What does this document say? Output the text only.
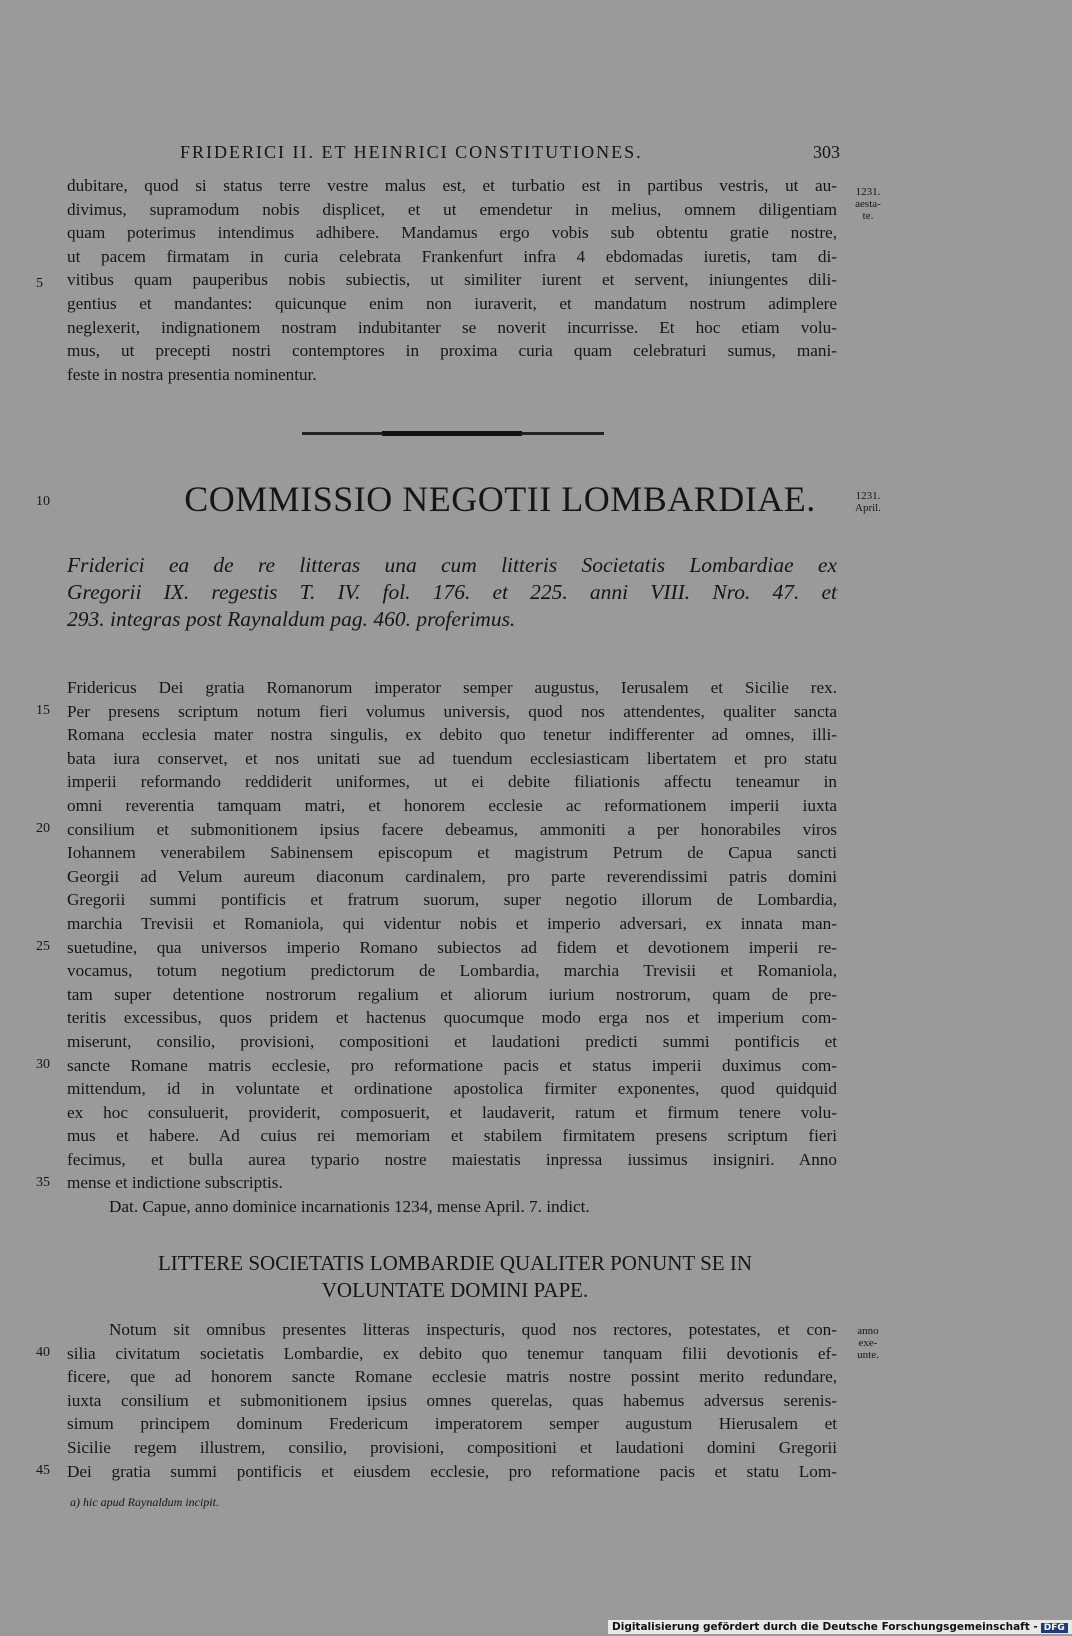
FRIDERICI II. ET HEINRICI CONSTITUTIONES.	303
dubitare, quod si status terre vestre malus est, et turbatio est in partibus vestris, ut au-
divimus, supramodum nobis displicet, et ut emendetur in melius, omnem diligentiam
quam poterimus intendimus adhibere. Mandamus ergo vobis sub obtentu gratie nostre,
ut pacem firmatam in curia celebrata Frankenfurt infra 4 ebdomadas iuretis, tam di-
vitibus quam pauperibus nobis subiectis, ut similiter iurent et servent, iniungentes dili-
gentius et mandantes: quicunque enim non iuraverit, et mandatum nostrum adimplere
neglexerit, indignationem nostram indubitanter se noverit incurrisse. Et hoc etiam volu-
mus, ut precepti nostri contemptores in proxima curia quam celebraturi sumus, mani-
feste in nostra presentia nominentur.
5
1231.
aesta-
te.
10	COMMISSIO NEGOTII LOMBARDIAE.	1231.
April.
Friderici ea de re litteras una cum litteris Societatis Lombardiae ex
Gregorii IX. regestis T. IV. fol. 176. et 225. anni VIII. Nro. 47. et
293. integras post Raynaldum pag. 460. proferimus.
Fridericus Dei gratia Romanorum imperator semper augustus, Ierusalem et Sicilie rex.
Per presens scriptum notum fieri volumus universis, quod nos attendentes, qualiter sancta
Romana ecclesia mater nostra singulis, ex debito quo tenetur indifferenter ad omnes, illi-
bata iura conservet, et nos unitati sue ad tuendum ecclesiasticam libertatem et pro statu
imperii reformando reddiderit uniformes, ut ei debite filiationis affectu teneamur in
omni reverentia tamquam matri, et honorem ecclesie ac reformationem imperii iuxta
consilium et submonitionem ipsius facere debeamus, ammoniti a per honorabiles viros
Iohannem venerabilem Sabinensem episcopum et magistrum Petrum de Capua sancti
Georgii ad Velum aureum diaconum cardinalem, pro parte reverendissimi patris domini
Gregorii summi pontificis et fratrum suorum, super negotio illorum de Lombardia,
marchia Trevisii et Romaniola, qui videntur nobis et imperio adversari, ex innata man-
suetudine, qua universos imperio Romano subiectos ad fidem et devotionem imperii re-
vocamus, totum negotium predictorum de Lombardia, marchia Trevisii et Romaniola,
tam super detentione nostrorum regalium et aliorum iurium nostrorum, quam de pre-
teritis excessibus, quos pridem et hactenus quocumque modo erga nos et imperium com-
miserunt, consilio, provisioni, compositioni et laudationi predicti summi pontificis et
sancte Romane matris ecclesie, pro reformatione pacis et status imperii duximus com-
mittendum, id in voluntate et ordinatione apostolica firmiter exponentes, quod quidquid
ex hoc consuluerit, providerit, composuerit, et laudaverit, ratum et firmum tenere volu-
mus et habere. Ad cuius rei memoriam et stabilem firmitatem presens scriptum fieri
fecimus, et bulla aurea typario nostre maiestatis inpressa iussimus insigniri. Anno
mense et indictione subscriptis.
Dat. Capue, anno dominice incarnationis 1234, mense April. 7. indict.
15
20
25
30
35
LITTERE SOCIETATIS LOMBARDIE QUALITER PONUNT SE IN
VOLUNTATE DOMINI PAPE.
Notum sit omnibus presentes litteras inspecturis, quod nos rectores, potestates, et con-
silia civitatum societatis Lombardie, ex debito quo tenemur tanquam filii devotionis ef-
ficere, que ad honorem sancte Romane ecclesie matris nostre possint merito redundare,
iuxta consilium et submonitionem ipsius omnes querelas, quas habemus adversus serenis-
simum principem dominum Fredericum imperatorem semper augustum Hierusalem et
Sicilie regem illustrem, consilio, provisioni, compositioni et laudationi domini Gregorii
Dei gratia summi pontificis et eiusdem ecclesie, pro reformatione pacis et statu Lom-
40
45
anno
exe-
unte.
a) hic apud Raynaldum incipit.
Digitalisierung gefördert durch die Deutsche Forschungsgemeinschaft - DFG
